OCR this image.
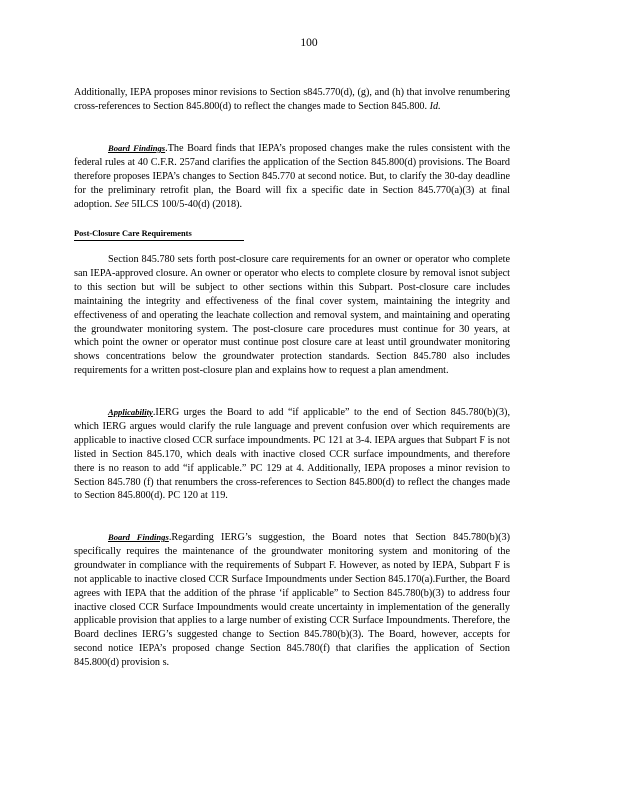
100

Additionally, IEPA proposes minor revisions to Section s845.770(d), (g), and (h) that involve renumbering cross-references to Section 845.800(d) to reflect the changes made to Section 845.800. Id.

Board Findings.The Board finds that IEPA’s proposed changes make the rules consistent with the federal rules at 40 C.F.R. 257and clarifies the application of the Section 845.800(d) provisions. The Board therefore proposes IEPA’s changes to Section 845.770 at second notice. But, to clarify the 30-day deadline for the preliminary retrofit plan, the Board will fix a specific date in Section 845.770(a)(3) at final adoption. See 5ILCS 100/5-40(d) (2018).

Post-Closure Care Requirements

Section 845.780 sets forth post-closure care requirements for an owner or operator who complete san IEPA-approved closure. An owner or operator who elects to complete closure by removal isnot subject to this section but will be subject to other sections within this Subpart. Post-closure care includes maintaining the integrity and effectiveness of the final cover system, maintaining the integrity and effectiveness of and operating the leachate collection and removal system, and maintaining and operating the groundwater monitoring system. The post-closure care procedures must continue for 30 years, at which point the owner or operator must continue post closure care at least until groundwater monitoring shows concentrations below the groundwater protection standards. Section 845.780 also includes requirements for a written post-closure plan and explains how to request a plan amendment.

Applicability.IERG urges the Board to add “if applicable” to the end of Section 845.780(b)(3), which IERG argues would clarify the rule language and prevent confusion over which requirements are applicable to inactive closed CCR surface impoundments. PC 121 at 3-4. IEPA argues that Subpart F is not listed in Section 845.170, which deals with inactive closed CCR surface impoundments, and therefore there is no reason to add “if applicable.” PC 129 at 4. Additionally, IEPA proposes a minor revision to Section 845.780 (f) that renumbers the cross-references to Section 845.800(d) to reflect the changes made to Section 845.800(d). PC 120 at 119.

Board Findings.Regarding IERG’s suggestion, the Board notes that Section 845.780(b)(3) specifically requires the maintenance of the groundwater monitoring system and monitoring of the groundwater in compliance with the requirements of Subpart F. However, as noted by IEPA, Subpart F is not applicable to inactive closed CCR Surface Impoundments under Section 845.170(a).Further, the Board agrees with IEPA that the addition of the phrase ‘if applicable” to Section 845.780(b)(3) to address four inactive closed CCR Surface Impoundments would create uncertainty in implementation of the generally applicable provision that applies to a large number of existing CCR Surface Impoundments. Therefore, the Board declines IERG’s suggested change to Section 845.780(b)(3). The Board, however, accepts for second notice IEPA’s proposed change Section 845.780(f) that clarifies the application of Section 845.800(d) provision s.
